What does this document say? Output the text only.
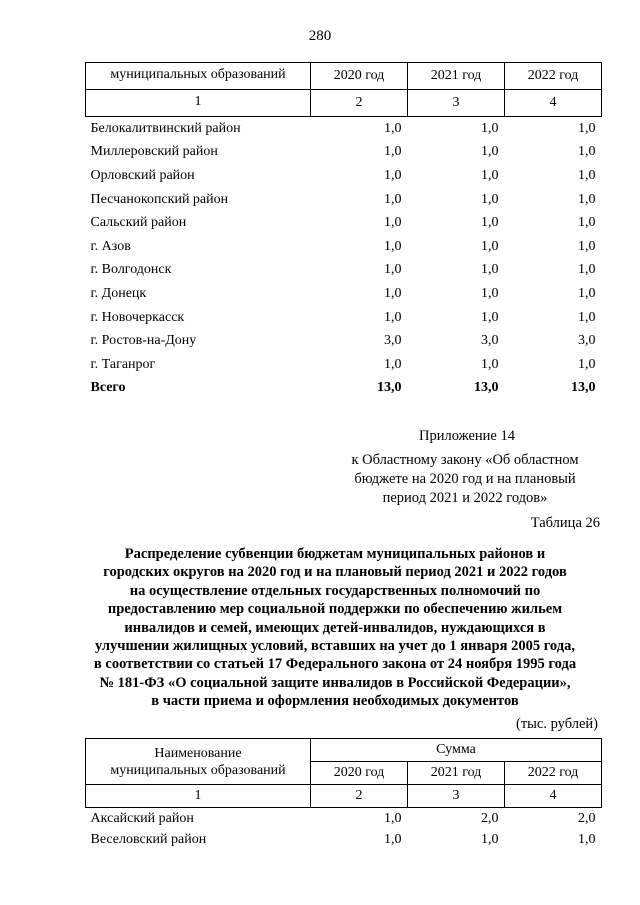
280
муниципальных образований	2020 год	2021 год	2022 год
1	2	3	4
Белокалитвинский район	1,0	1,0	1,0
Миллеровский район	1,0	1,0	1,0
Орловский район	1,0	1,0	1,0
Песчанокопский район	1,0	1,0	1,0
Сальский район	1,0	1,0	1,0
г. Азов	1,0	1,0	1,0
г. Волгодонск	1,0	1,0	1,0
г. Донецк	1,0	1,0	1,0
г. Новочеркасск	1,0	1,0	1,0
г. Ростов-на-Дону	3,0	3,0	3,0
г. Таганрог	1,0	1,0	1,0
Всего	13,0	13,0	13,0
Приложение 14
к Областному закону «Об областном
бюджете на 2020 год и на плановый
период 2021 и 2022 годов»
Таблица 26
Распределение субвенции бюджетам муниципальных районов и
городских округов на 2020 год и на плановый период 2021 и 2022 годов
на осуществление отдельных государственных полномочий по
предоставлению мер социальной поддержки по обеспечению жильем
инвалидов и семей, имеющих детей-инвалидов, нуждающихся в
улучшении жилищных условий, вставших на учет до 1 января 2005 года,
в соответствии со статьей 17 Федерального закона от 24 ноября 1995 года
№ 181-ФЗ «О социальной защите инвалидов в Российской Федерации»,
в части приема и оформления необходимых документов
(тыс. рублей)
Наименование
муниципальных образований	Сумма		
	2020 год	2021 год	2022 год
1	2	3	4
Аксайский район	1,0	2,0	2,0
Веселовский район	1,0	1,0	1,0
